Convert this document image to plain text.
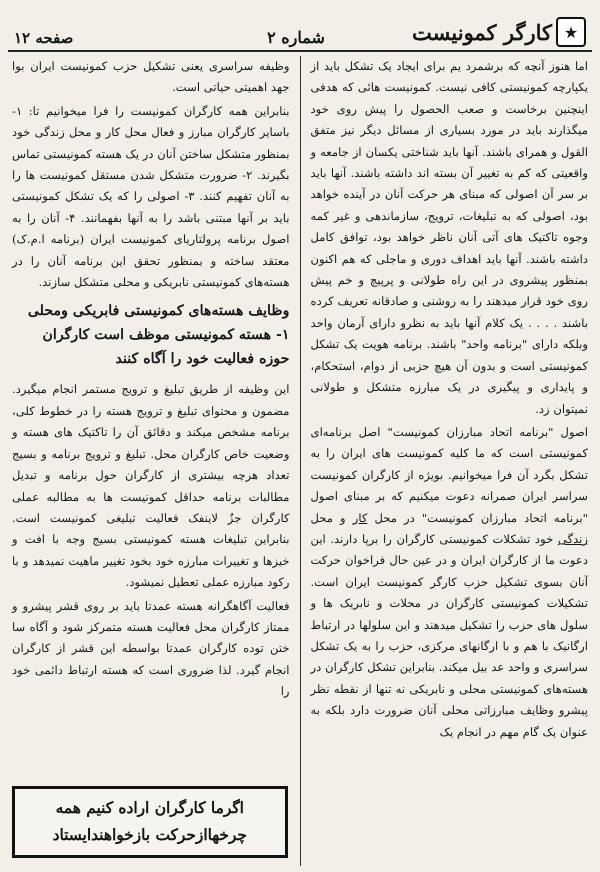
★
کارگر کمونیست
شماره ۲
صفحه ۱۲

اما هنوز آنچه که برشمرد یم برای ایجاد یک تشکل باید از یکپارچه کمونیستی کافی نیست. کمونیست هائی که هدفی اینچنین برخاست و صعب الحصول را پیش روی خود میگذارند باید در مورد بسیاری از مسائل دیگر نیز متفق القول و همرای باشند. آنها باید شناختی یکسان از جامعه و واقعیتی که کم به تغییر آن بسته اند داشته باشند. آنها باید بر سر آن اصولی که مبنای هر حرکت آنان در آینده خواهد بود، اصولی که به تبلیغات، ترویج، سازماندهی و غیر کمه وجوه تاکتیک های آتی آنان ناظر خواهد بود، توافق کامل داشته باشند. آنها باید اهداف دوری و ماجلی که هم اکنون بمنظور پیشروی در این راه طولانی و پرپیچ و خم پیش روی خود قرار میدهند را به روشنی و صادقانه تعریف کرده باشند . . . . یک کلام آنها باید به نظرو دارای آرمان واحد وبلکه دارای "برنامه واحد" باشند. برنامه هویت یک تشکل کمونیستی است و بدون آن هیچ حزبی از دوام، استحکام، و پایداری و پیگیری در یک مبارزه متشکل و طولانی نمیتوان زد.

اصول "برنامه اتحاد مبارزان کمونیست" اصل برنامه‌ای کمونیستی است که ما کلیه کمونیست های ایران را به تشکل بگرد آن فرا میخوانیم. بویژه از کارگران کمونیست سراسر ایران صمرانه دعوت میکنیم که بر مبنای اصول "برنامه اتحاد مبارزان کمونیست" در محل کار و محل زندگی خود تشکلات کمونیستی کارگران را برپا دارند. این دعوت ما از کارگران ایران و در عین حال فراخوان حرکت آنان بسوی تشکیل حزب کارگر کمونیست ایران است. تشکیلات کمونیستی کارگران در محلات و نابریک ها و سلول های حزب را تشکیل میدهند و این سلولها در ارتباط ارگانیک با هم و با ارگانهای مرکزی، حزب را به یک تشکل سراسری و واحد عد بیل میکند. بنابراین تشکل کارگران در هسته‌های کمونیستی محلی و نابریکی نه تنها از نقطه نظر پیشرو وظایف مبارزاتی محلی آنان ضرورت دارد بلکه به عنوان یک گام مهم در انجام یک

وظیفه سراسری یعنی تشکیل حزب کمونیست ایران بوا جهد اهمیتی حیاتی است.

بنابراین همه کارگران کمونیست را فرا میخوانیم تا: ۱- باسایر کارگران مبارز و فعال محل کار و محل زندگی خود بمنظور متشکل ساختن آنان در یک هسته کمونیستی تماس بگیرند. ۲- ضرورت متشکل شدن مستقل کمونیست ها را به آنان تفهیم کنند. ۳- اصولی را که یک تشکل کمونیستی باید بر آنها مبتنی باشد را به آنها بفهمانند. ۴- آنان را به اصول برنامه پرولتاریای کمونیست ایران (برنامه ا.م.ک) معتقد ساخته و بمنظور تحقق این برنامه آنان را در هسته‌های کمونیستی نابریکی و محلی متشکل سازند.

وظایف هسته‌های کمونیستی فابریکی ومحلی ۱- هسته کمونیستی موظف است کارگران حوزه فعالیت خود را آگاه کنند

این وظیفه از طریق تبلیغ و ترویج مستمر انجام میگیرد. مضمون و محتوای تبلیغ و ترویج هسته را در خطوط کلی، برنامه مشخص میکند و دقائق آن را تاکتیک های هسته و وضعیت خاص کارگران محل. تبلیغ و ترویج برنامه و بسیج تعداد هرچه بیشتری از کارگران حول برنامه و تبدیل مطالبات برنامه حداقل کمونیست ها به مطالبه عملی کارگران جزٌ لاینفک فعالیت تبلیغی کمونیست است. بنابراین تبلیغات هسته کمونیستی بسیج وجه با افت و خیزها و تغییرات مبارزه خود بخود تغییر ماهیت نمیدهد و با رکود مبارزه عملی تعطیل نمیشود.

فعالیت آگاهگرانه هسته عمدتا باید بر روی قشر پیشرو و ممتاز کارگران محل فعالیت هسته متمرکز شود و آگاه سا ختن توده کارگران عمدتا بواسطه این قشر از کارگران انجام گیرد. لذا ضروری است که هسته ارتباط دائمی خود را

اگرما کارگران اراده کنیم همه
چرخهاازحرکت بازخواهندایستاد
